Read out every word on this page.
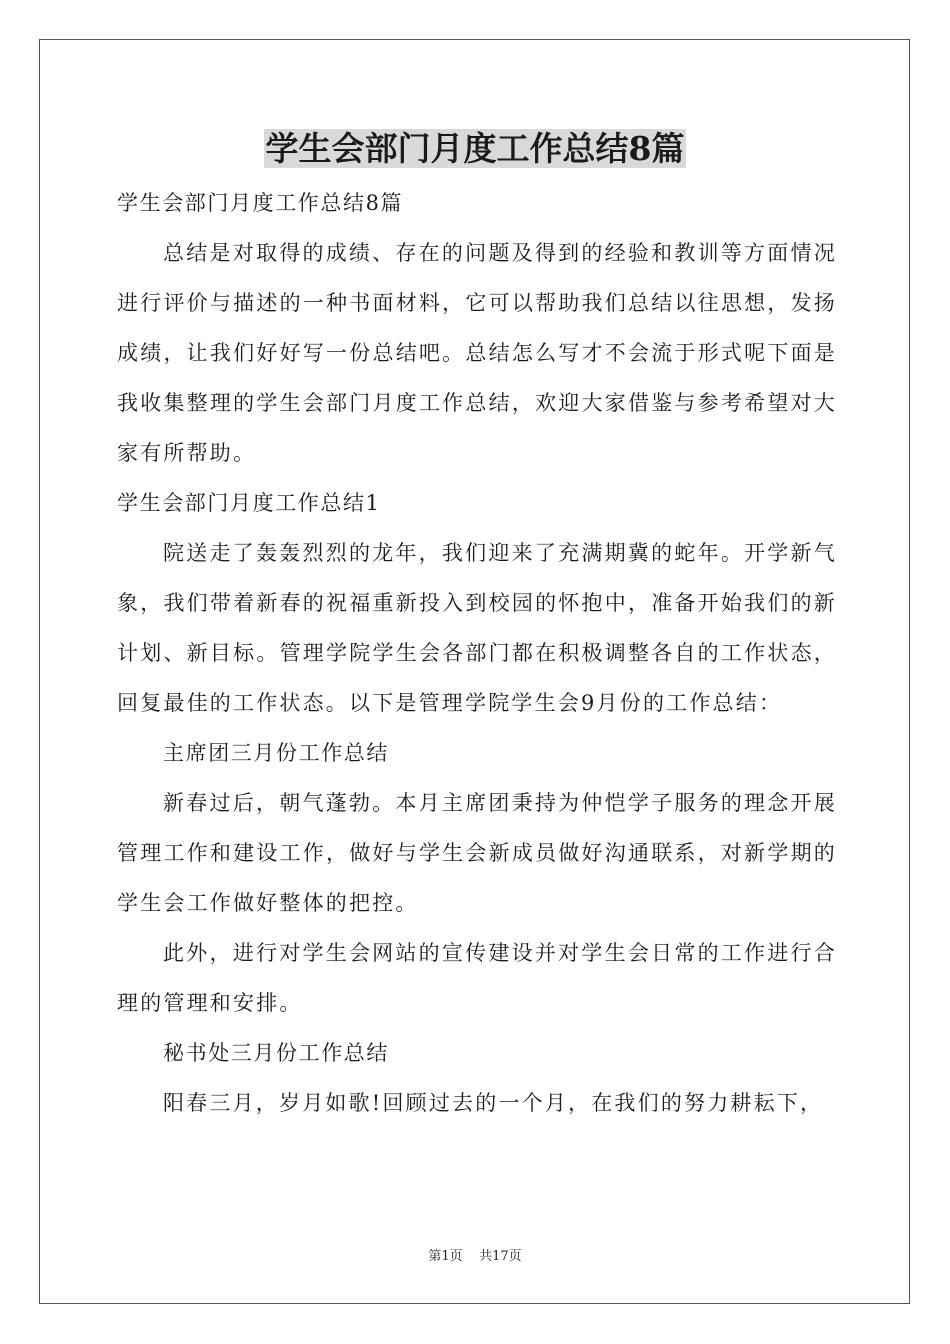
学生会部门月度工作总结8篇

学生会部门月度工作总结8篇

总结是对取得的成绩、存在的问题及得到的经验和教训等方面情况进行评价与描述的一种书面材料，它可以帮助我们总结以往思想，发扬成绩，让我们好好写一份总结吧。总结怎么写才不会流于形式呢下面是我收集整理的学生会部门月度工作总结，欢迎大家借鉴与参考希望对大家有所帮助。

学生会部门月度工作总结1

院送走了轰轰烈烈的龙年，我们迎来了充满期冀的蛇年。开学新气象，我们带着新春的祝福重新投入到校园的怀抱中，准备开始我们的新计划、新目标。管理学院学生会各部门都在积极调整各自的工作状态，回复最佳的工作状态。以下是管理学院学生会9月份的工作总结：

主席团三月份工作总结

新春过后，朝气蓬勃。本月主席团秉持为仲恺学子服务的理念开展管理工作和建设工作，做好与学生会新成员做好沟通联系，对新学期的学生会工作做好整体的把控。

此外，进行对学生会网站的宣传建设并对学生会日常的工作进行合理的管理和安排。

秘书处三月份工作总结

阳春三月，岁月如歌!回顾过去的一个月，在我们的努力耕耘下，

第1页 共17页
